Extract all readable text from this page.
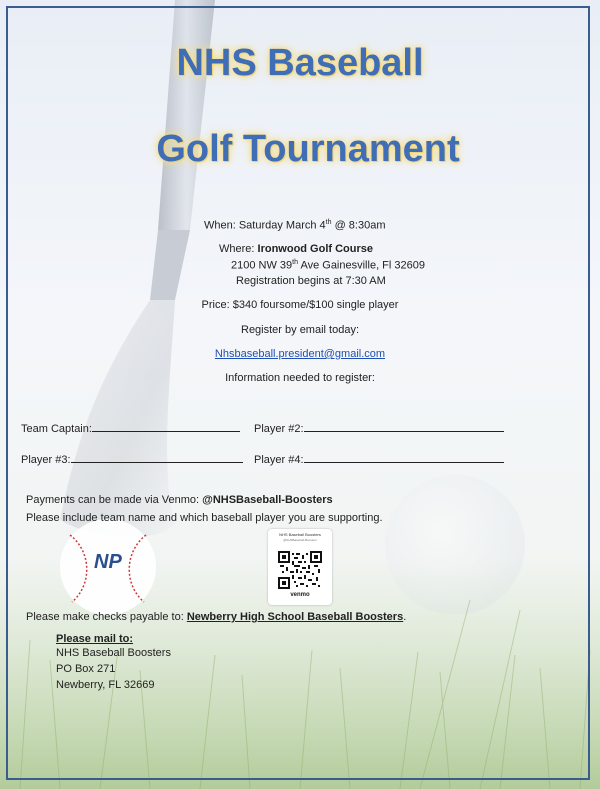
NHS Baseball
Golf Tournament
When: Saturday March 4th @ 8:30am
Where: Ironwood Golf Course
2100 NW 39th Ave Gainesville, Fl 32609
Registration begins at 7:30 AM
Price: $340 foursome/$100 single player
Register by email today:
Nhsbaseball.president@gmail.com
Information needed to register:
Team Captain:	Player #2:
Player #3:	Player #4:
Payments can be made via Venmo: @NHSBaseball-Boosters
Please include team name and which baseball player you are supporting.
NHS Baseball Boosters
@NHSBaseball-Boosters
venmo
NP
Please make checks payable to: Newberry High School Baseball Boosters.
Please mail to:
NHS Baseball Boosters
PO Box 271
Newberry, FL 32669
